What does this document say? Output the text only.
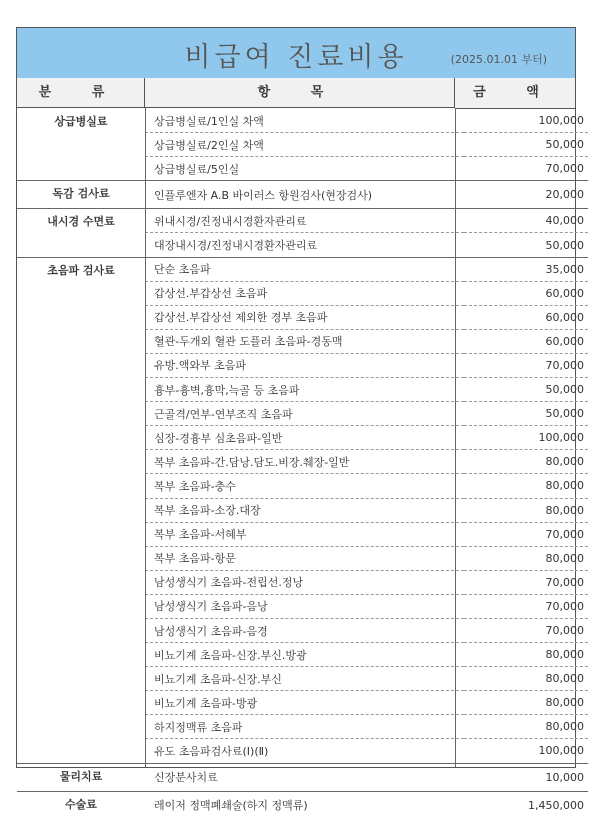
비급여 진료비용	(2025.01.01 부터)
분 류	항 목	금 액
상급병실료	상급병실료/1인실 차액	100,000
	상급병실료/2인실 차액	50,000
	상급병실료/5인실	70,000
독감 검사료	인플루엔자 A.B 바이러스 항원검사(현장검사)	20,000
내시경 수면료	위내시경/진정내시경환자관리료	40,000
	대장내시경/진정내시경환자관리료	50,000
초음파 검사료	단순 초음파	35,000
	갑상선.부갑상선 초음파	60,000
	갑상선.부갑상선 제외한 경부 초음파	60,000
	혈관-두개외 혈관 도플러 초음파-경동맥	60,000
	유방.액와부 초음파	70,000
	흉부-흉벽,흉막,늑골 등 초음파	50,000
	근골격/연부-연부조직 초음파	50,000
	심장-경흉부 심초음파-일반	100,000
	복부 초음파-간.담낭.담도.비장.췌장-일반	80,000
	복부 초음파-충수	80,000
	복부 초음파-소장.대장	80,000
	복부 초음파-서혜부	70,000
	복부 초음파-항문	80,000
	남성생식기 초음파-전립선.정낭	70,000
	남성생식기 초음파-음낭	70,000
	남성생식기 초음파-음경	70,000
	비뇨기계 초음파-신장.부신.방광	80,000
	비뇨기계 초음파-신장.부신	80,000
	비뇨기계 초음파-방광	80,000
	하지정맥류 초음파	80,000
	유도 초음파검사료(Ⅰ)(Ⅱ)	100,000
물리치료	신장분사치료	10,000
수술료	레이저 정맥폐쇄술(하지 정맥류)	1,450,000
